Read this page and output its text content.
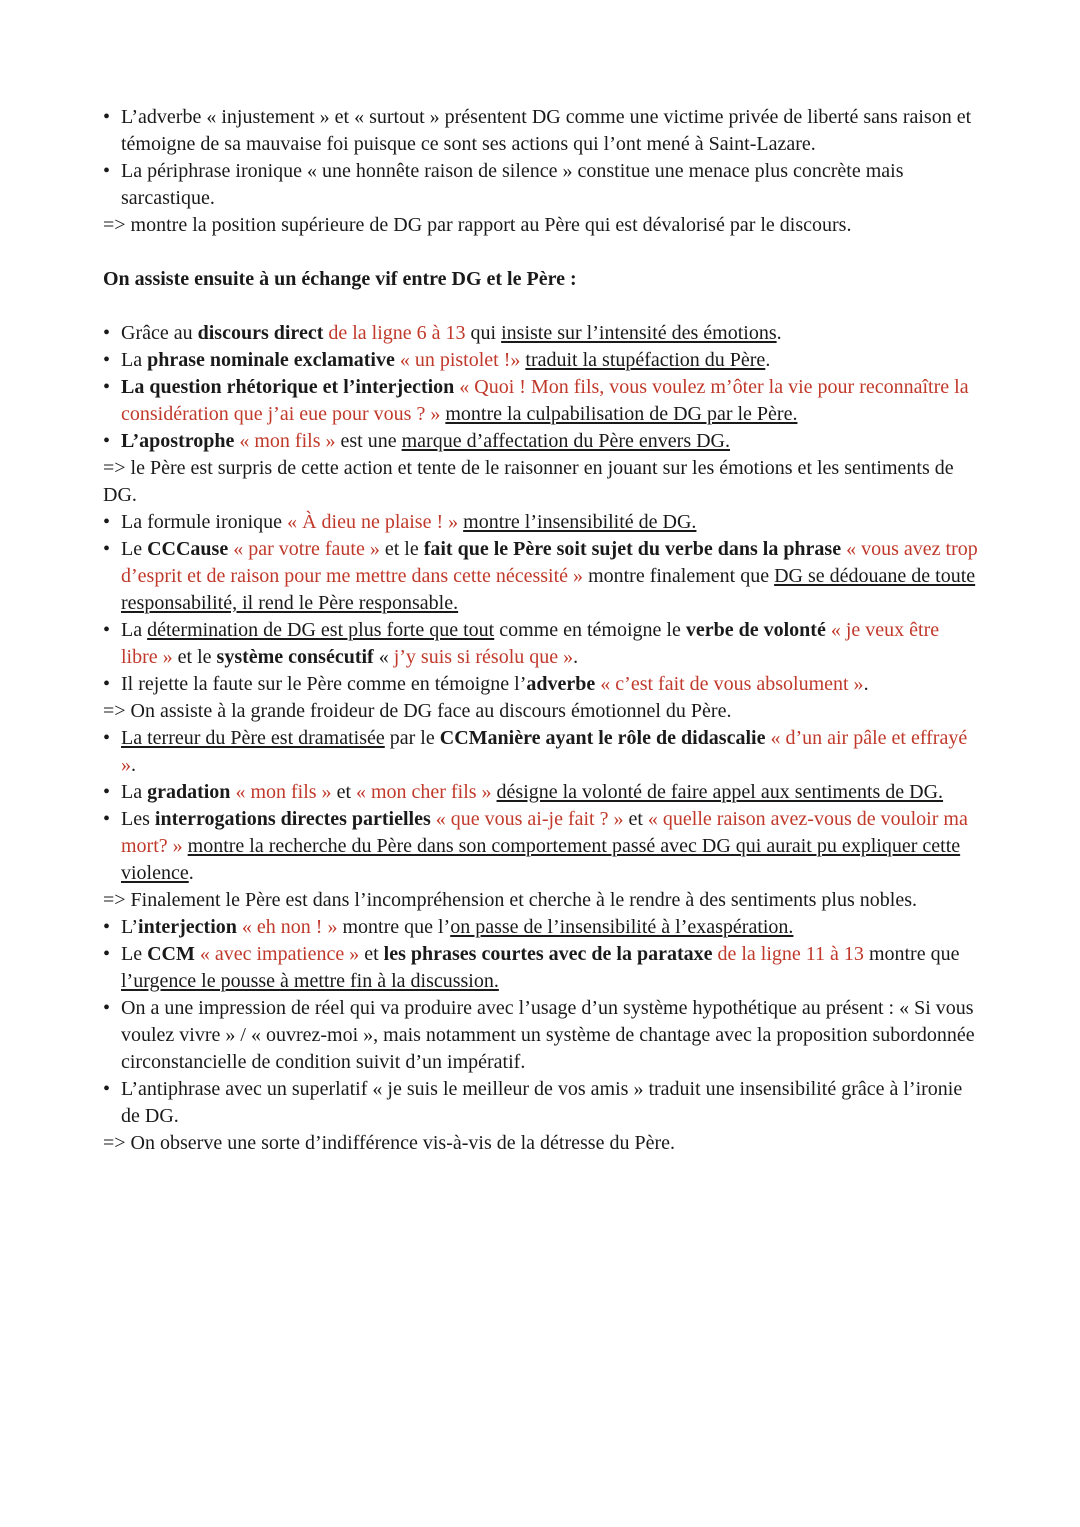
• L’adverbe « injustement » et « surtout » présentent DG comme une victime privée de liberté sans raison et témoigne de sa mauvaise foi puisque ce sont ses actions qui l’ont mené à Saint-Lazare.
• La périphrase ironique « une honnête raison de silence » constitue une menace plus concrète mais sarcastique.
=> montre la position supérieure de DG par rapport au Père qui est dévalorisé par le discours.
On assiste ensuite à un échange vif entre DG et le Père :
• Grâce au discours direct de la ligne 6 à 13 qui insiste sur l’intensité des émotions.
• La phrase nominale exclamative « un pistolet !» traduit la stupéfaction du Père.
• La question rhétorique et l’interjection « Quoi ! Mon fils, vous voulez m’ôter la vie pour reconnaître la considération que j’ai eue pour vous ? » montre la culpabilisation de DG par le Père.
• L’apostrophe « mon fils » est une marque d’affectation du Père envers DG.
=> le Père est surpris de cette action et tente de le raisonner en jouant sur les émotions et les sentiments de DG.
• La formule ironique « À dieu ne plaise ! » montre l’insensibilité de DG.
• Le CCCause « par votre faute » et le fait que le Père soit sujet du verbe dans la phrase « vous avez trop d’esprit et de raison pour me mettre dans cette nécessité » montre finalement que DG se dédouane de toute responsabilité, il rend le Père responsable.
• La détermination de DG est plus forte que tout comme en témoigne le verbe de volonté « je veux être libre » et le système consécutif « j’y suis si résolu que ».
• Il rejette la faute sur le Père comme en témoigne l’adverbe « c’est fait de vous absolument ».
=> On assiste à la grande froideur de DG face au discours émotionnel du Père.
• La terreur du Père est dramatisée par le CCManière ayant le rôle de didascalie « d’un air pâle et effrayé ».
• La gradation « mon fils » et « mon cher fils » désigne la volonté de faire appel aux sentiments de DG.
• Les interrogations directes partielles « que vous ai-je fait ? » et « quelle raison avez-vous de vouloir ma mort? » montre la recherche du Père dans son comportement passé avec DG qui aurait pu expliquer cette violence.
=> Finalement le Père est dans l’incompréhension et cherche à le rendre à des sentiments plus nobles.
• L’interjection « eh non ! » montre que l’on passe de l’insensibilité à l’exaspération.
• Le CCM « avec impatience » et les phrases courtes avec de la parataxe de la ligne 11 à 13 montre que l’urgence le pousse à mettre fin à la discussion.
• On a une impression de réel qui va produire avec l’usage d’un système hypothétique au présent : « Si vous voulez vivre » / « ouvrez-moi », mais notamment un système de chantage avec la proposition subordonnée circonstancielle de condition suivit d’un impératif.
• L’antiphrase avec un superlatif « je suis le meilleur de vos amis » traduit une insensibilité grâce à l’ironie de DG.
=> On observe une sorte d’indifférence vis-à-vis de la détresse du Père.
